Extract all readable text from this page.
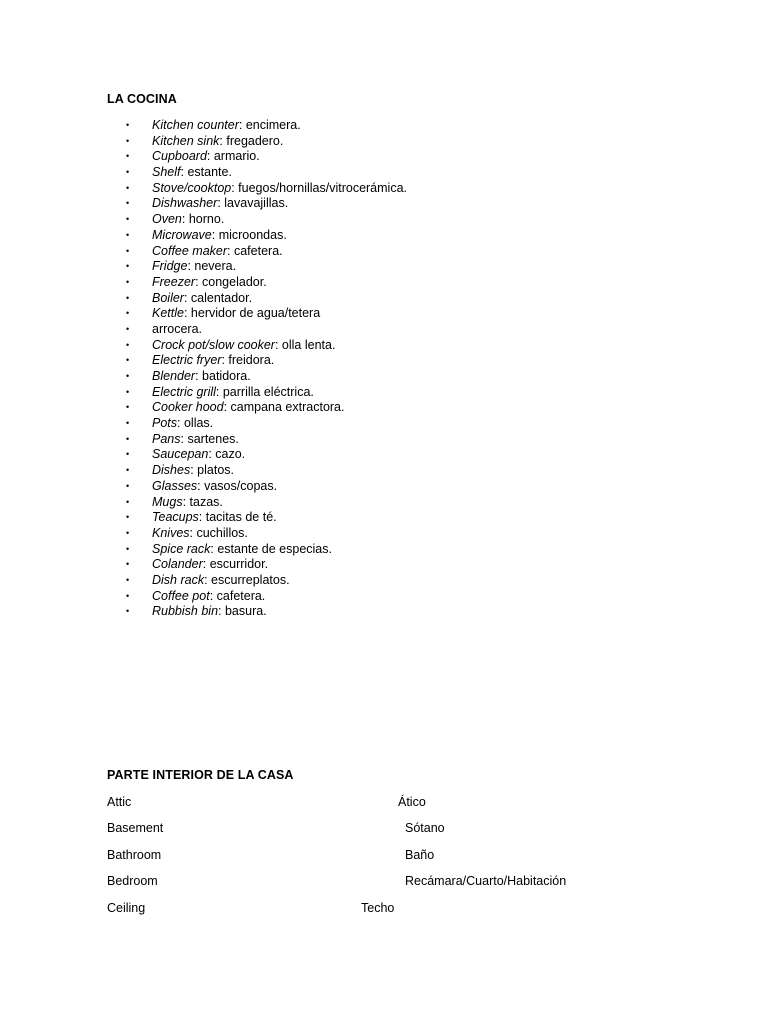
LA COCINA
• Kitchen counter: encimera.
• Kitchen sink: fregadero.
• Cupboard: armario.
• Shelf: estante.
• Stove/cooktop: fuegos/hornillas/vitrocerámica.
• Dishwasher: lavavajillas.
• Oven: horno.
• Microwave: microondas.
• Coffee maker: cafetera.
• Fridge: nevera.
• Freezer: congelador.
• Boiler: calentador.
• Kettle: hervidor de agua/tetera
• arrocera.
• Crock pot/slow cooker: olla lenta.
• Electric fryer: freidora.
• Blender: batidora.
• Electric grill: parrilla eléctrica.
• Cooker hood: campana extractora.
• Pots: ollas.
• Pans: sartenes.
• Saucepan: cazo.
• Dishes: platos.
• Glasses: vasos/copas.
• Mugs: tazas.
• Teacups: tacitas de té.
• Knives: cuchillos.
• Spice rack: estante de especias.
• Colander: escurridor.
• Dish rack: escurreplatos.
• Coffee pot: cafetera.
• Rubbish bin: basura.
PARTE INTERIOR DE LA CASA
Attic	Ático
Basement	Sótano
Bathroom	Baño
Bedroom	Recámara/Cuarto/Habitación
Ceiling	Techo
